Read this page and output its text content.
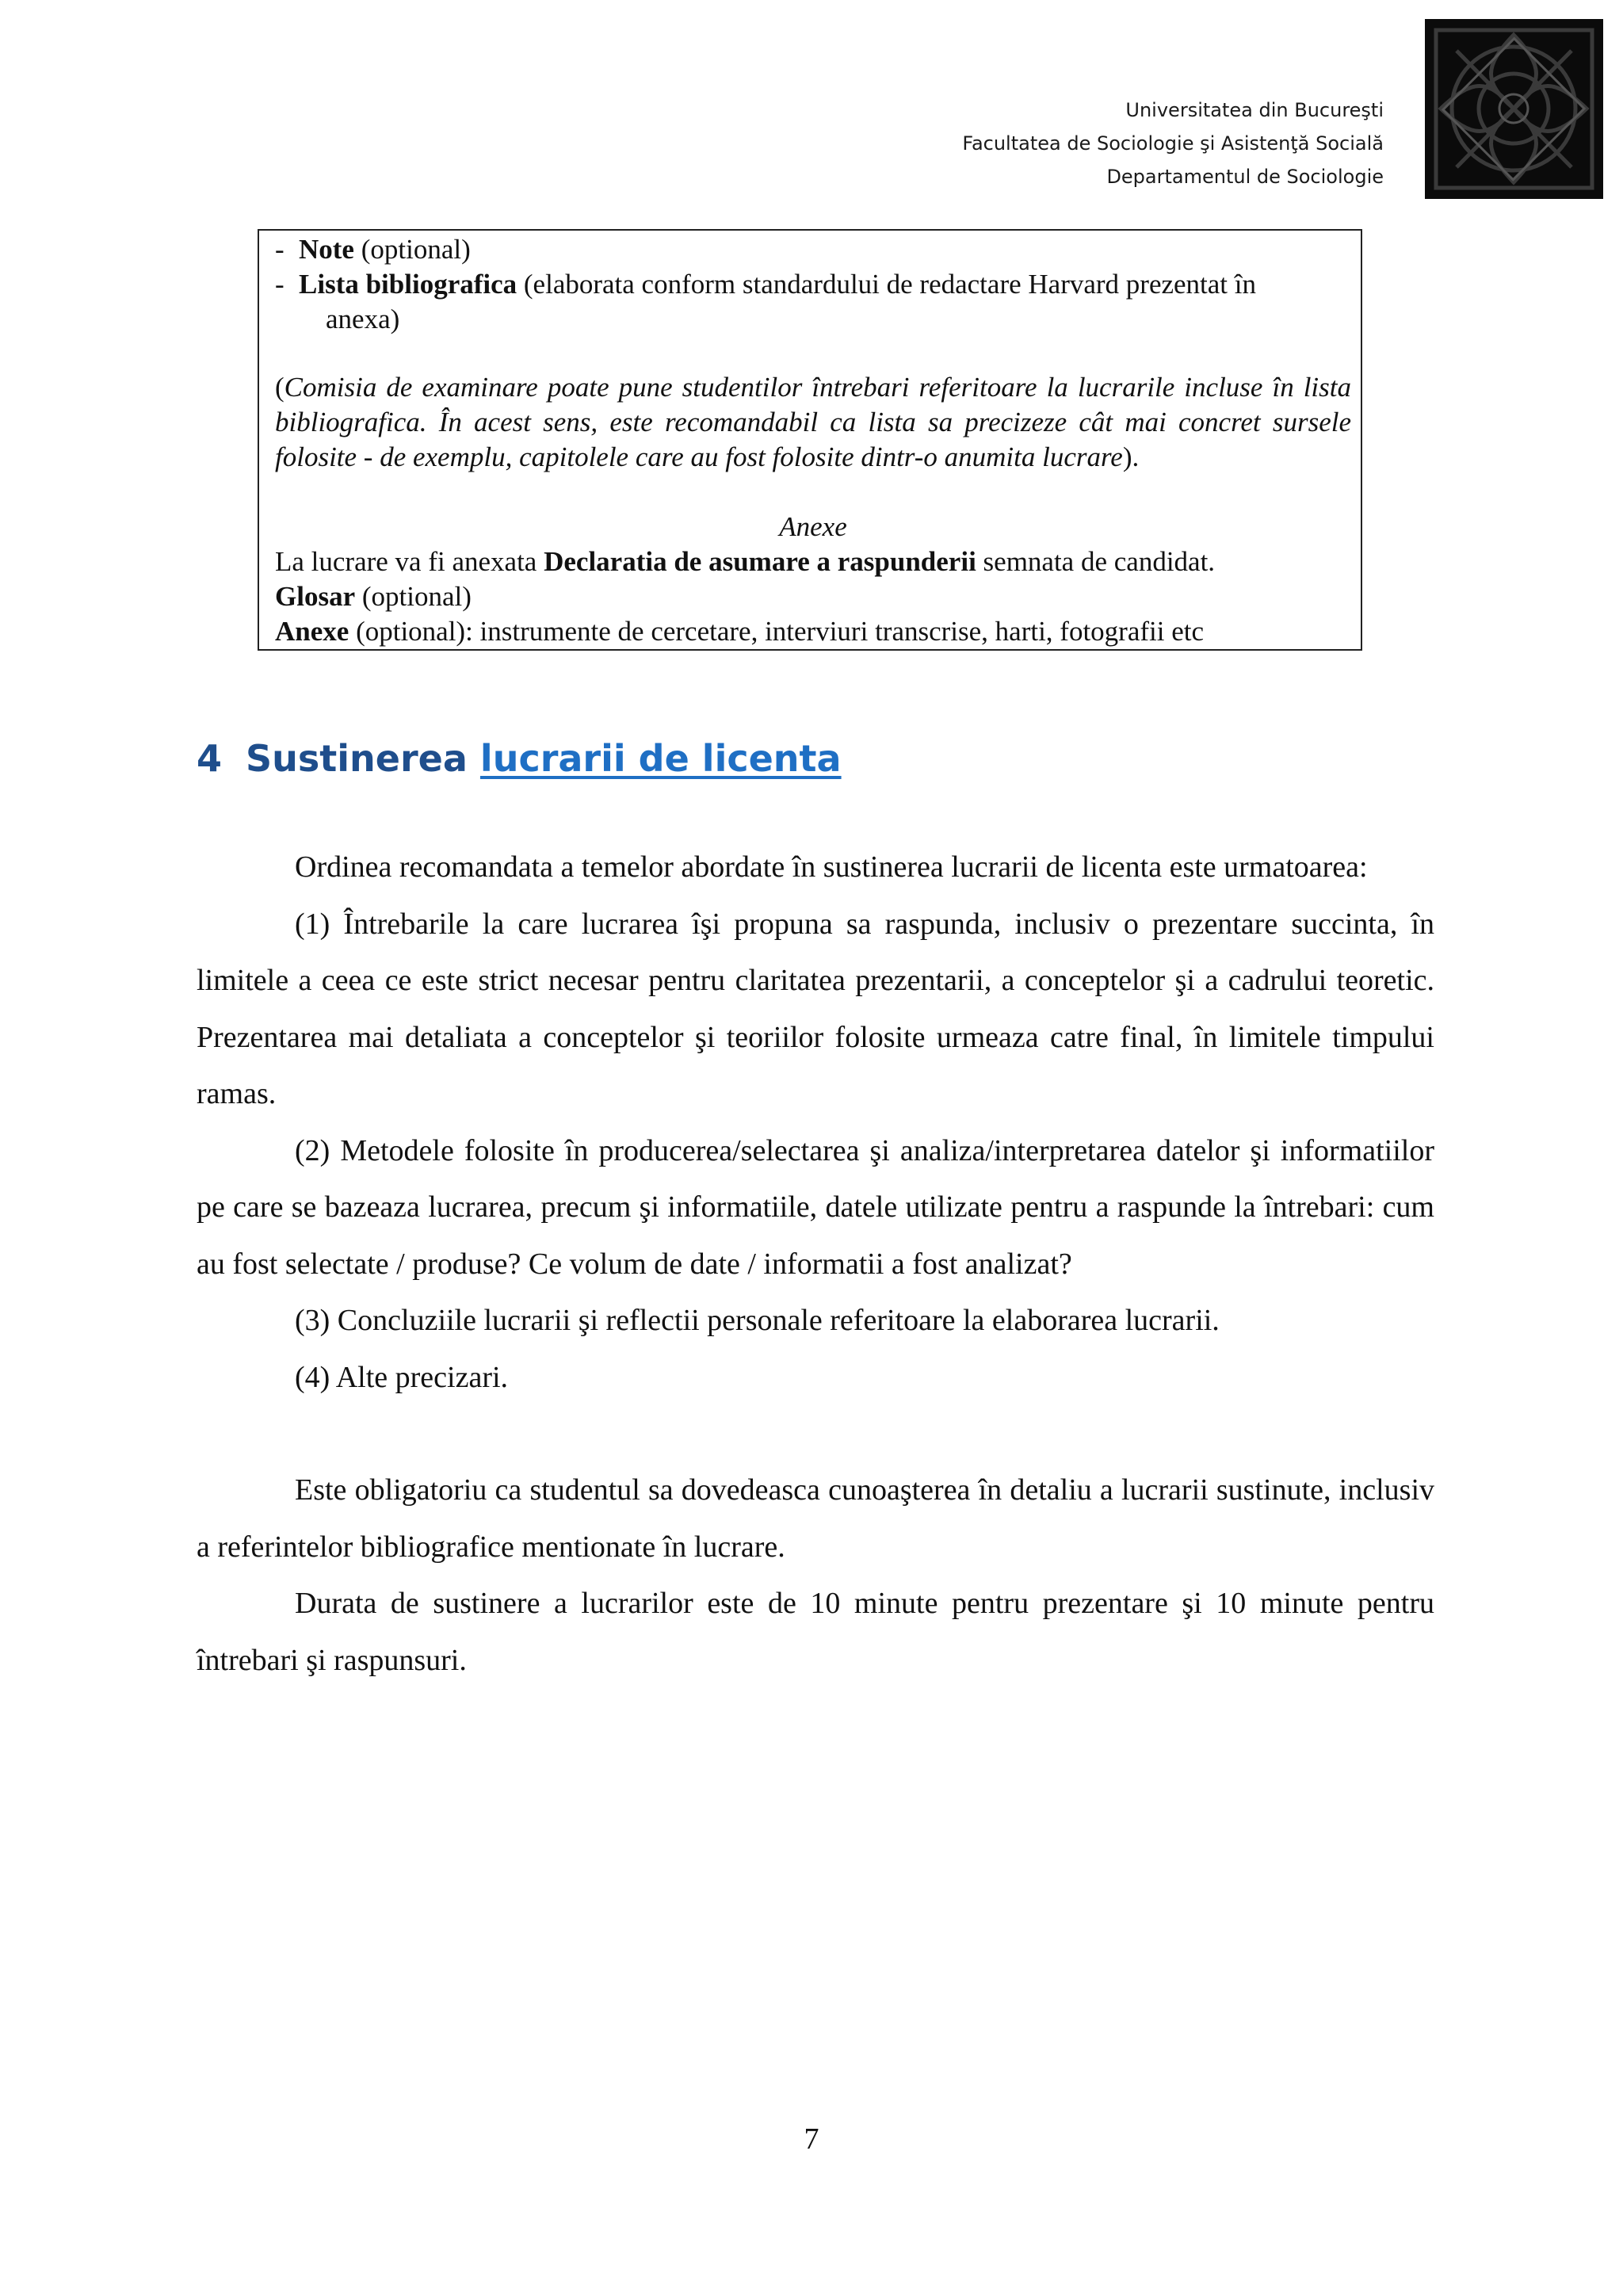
Universitatea din Bucureşti
Facultatea de Sociologie şi Asistenţă Socială
Departamentul de Sociologie
- Note (optional)
- Lista bibliografica (elaborata conform standardului de redactare Harvard prezentat în
anexa)
(Comisia de examinare poate pune studentilor întrebari referitoare la lucrarile incluse în lista bibliografica. În acest sens, este recomandabil ca lista sa precizeze cât mai concret sursele folosite - de exemplu, capitolele care au fost folosite dintr-o anumita lucrare).
Anexe
La lucrare va fi anexata Declaratia de asumare a raspunderii semnata de candidat.
Glosar (optional)
Anexe (optional): instrumente de cercetare, interviuri transcrise, harti, fotografii etc
4 Sustinerea lucrarii de licenta

Ordinea recomandata a temelor abordate în sustinerea lucrarii de licenta este urmatoarea:

(1) Întrebarile la care lucrarea îşi propuna sa raspunda, inclusiv o prezentare succinta, în limitele a ceea ce este strict necesar pentru claritatea prezentarii, a conceptelor şi a cadrului teoretic. Prezentarea mai detaliata a conceptelor şi teoriilor folosite urmeaza catre final, în limitele timpului ramas.

(2) Metodele folosite în producerea/selectarea şi analiza/interpretarea datelor şi informatiilor pe care se bazeaza lucrarea, precum şi informatiile, datele utilizate pentru a raspunde la întrebari: cum au fost selectate / produse? Ce volum de date / informatii a fost analizat?

(3) Concluziile lucrarii şi reflectii personale referitoare la elaborarea lucrarii.

(4) Alte precizari.

Este obligatoriu ca studentul sa dovedeasca cunoaşterea în detaliu a lucrarii sustinute, inclusiv a referintelor bibliografice mentionate în lucrare.

Durata de sustinere a lucrarilor este de 10 minute pentru prezentare şi 10 minute pentru întrebari şi raspunsuri.

7
